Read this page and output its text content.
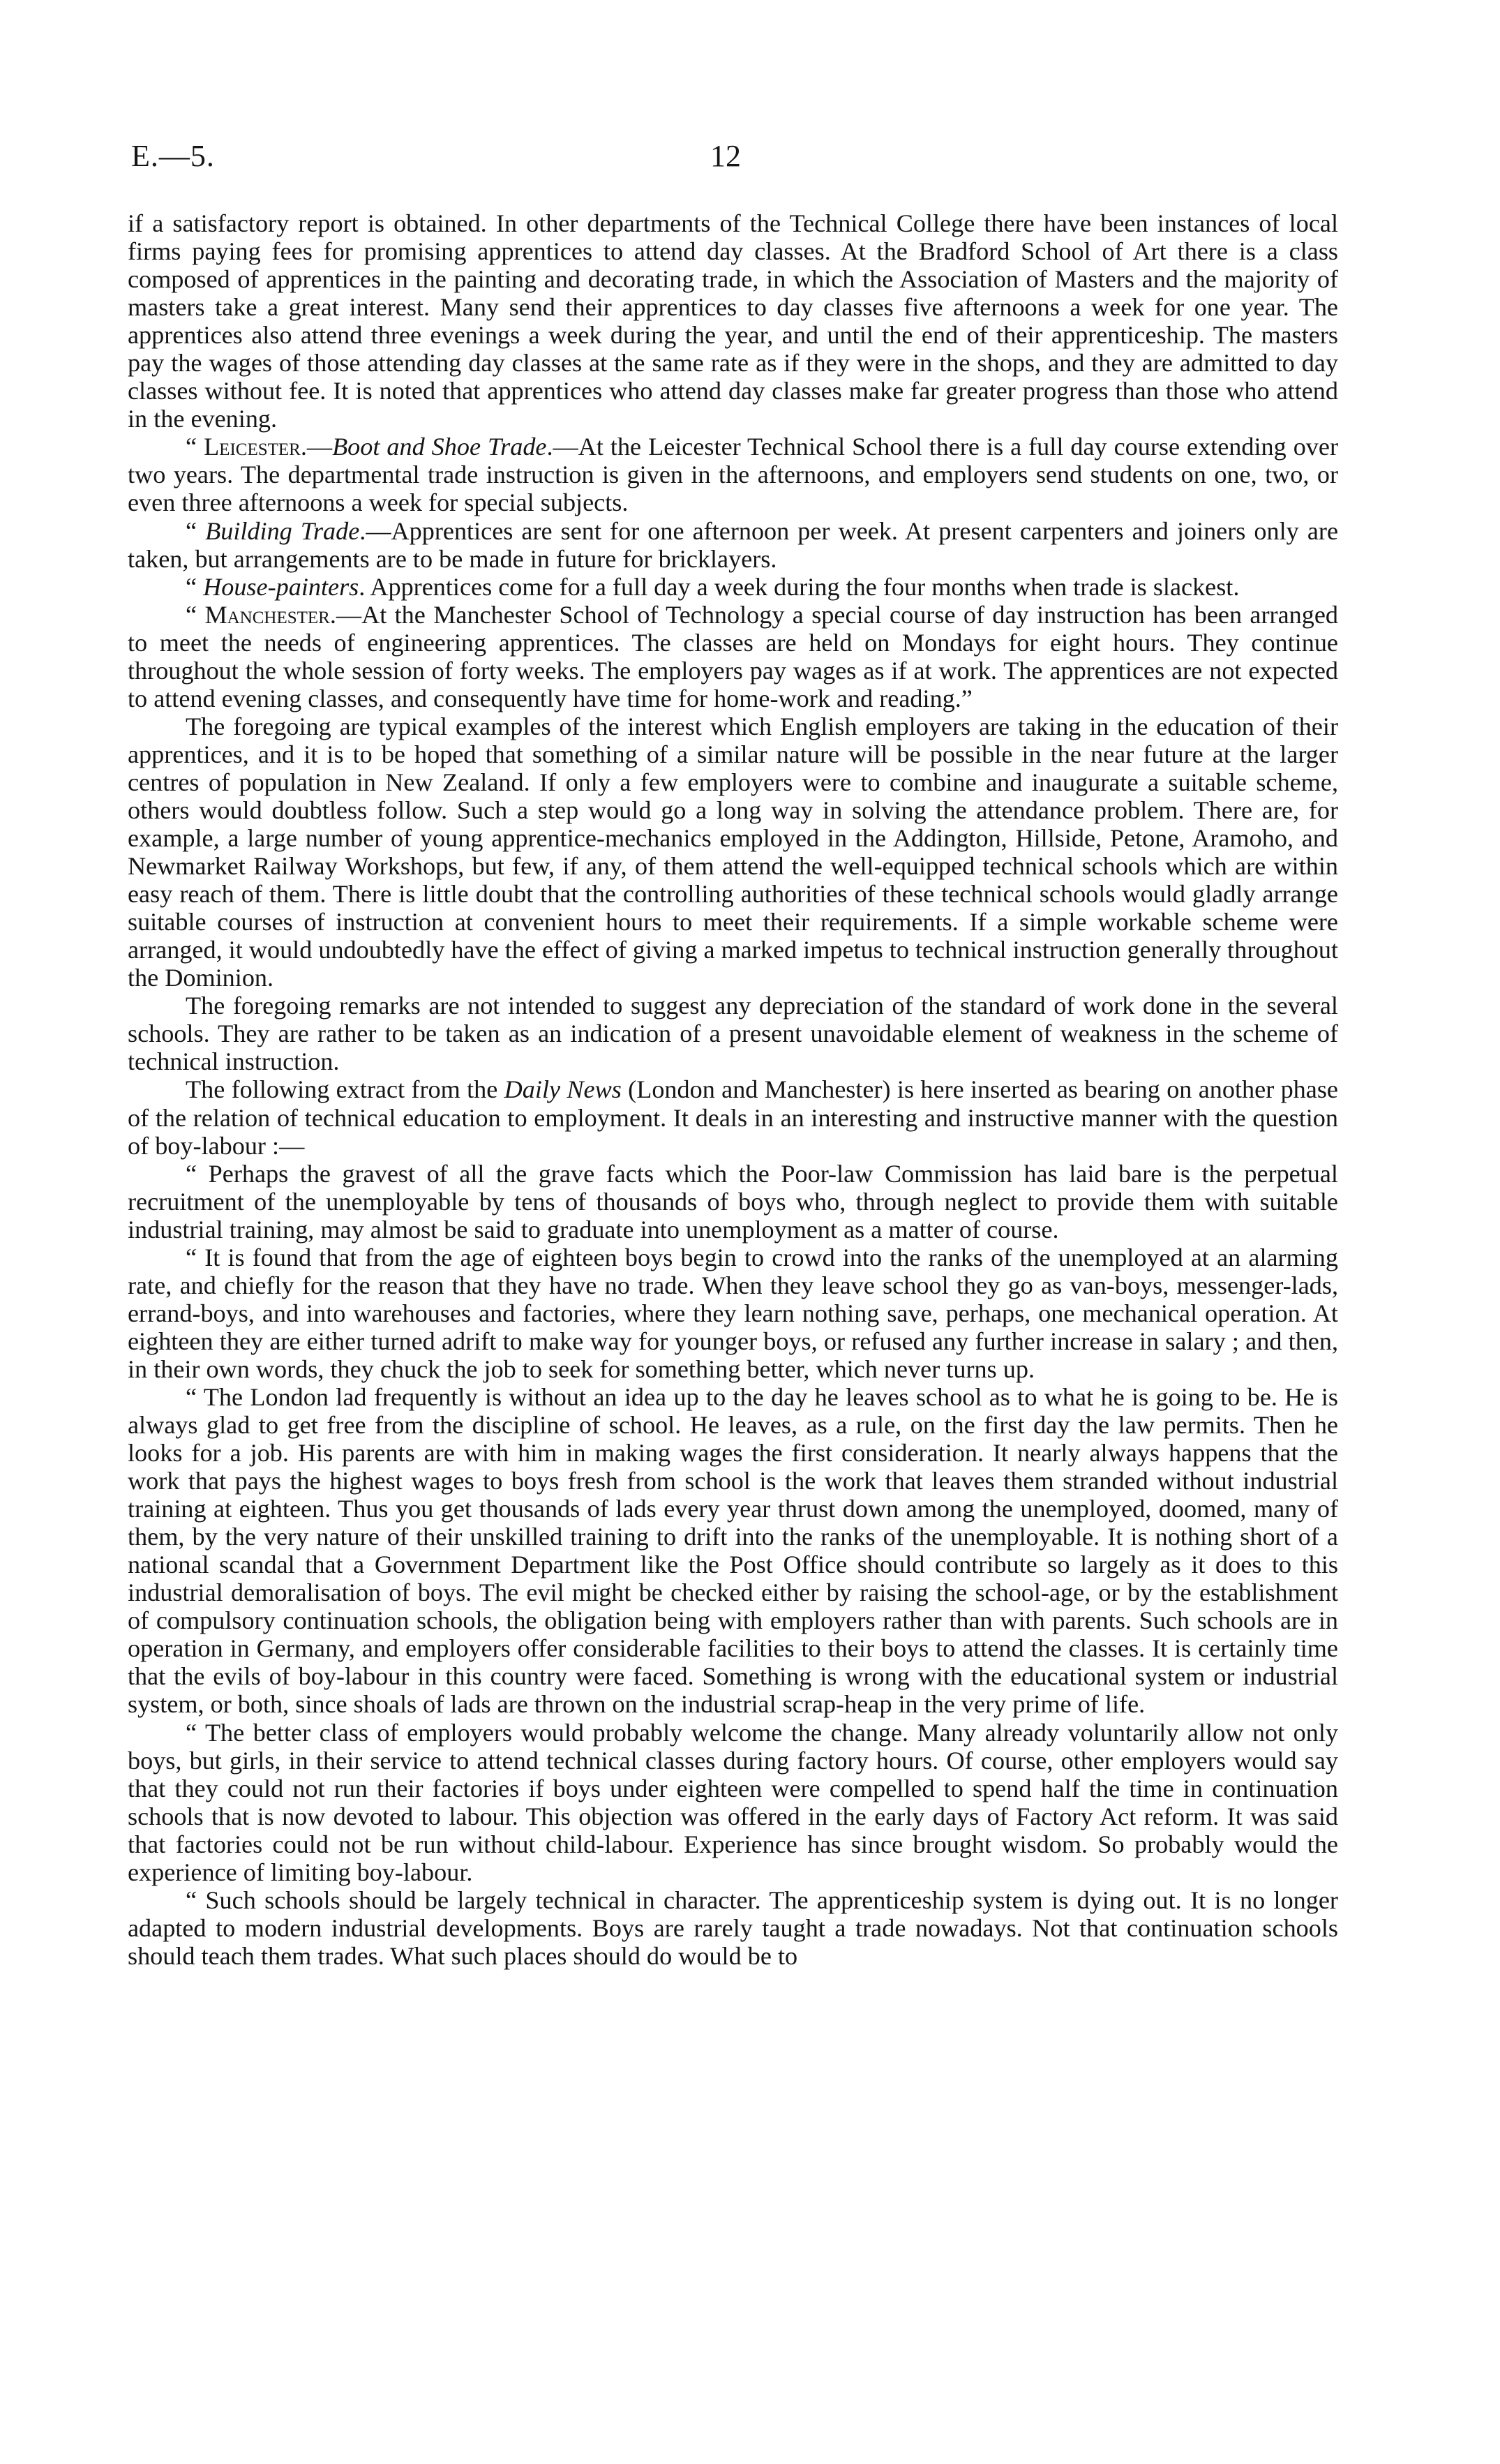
E.—5.	12

if a satisfactory report is obtained. In other departments of the Technical College there have been instances of local firms paying fees for promising apprentices to attend day classes. At the Bradford School of Art there is a class composed of apprentices in the painting and decorating trade, in which the Association of Masters and the majority of masters take a great interest. Many send their apprentices to day classes five afternoons a week for one year. The apprentices also attend three evenings a week during the year, and until the end of their apprenticeship. The masters pay the wages of those attending day classes at the same rate as if they were in the shops, and they are admitted to day classes without fee. It is noted that apprentices who attend day classes make far greater progress than those who attend in the evening.

“ Leicester.—Boot and Shoe Trade.—At the Leicester Technical School there is a full day course extending over two years. The departmental trade instruction is given in the afternoons, and employers send students on one, two, or even three afternoons a week for special subjects.

“ Building Trade.—Apprentices are sent for one afternoon per week. At present carpenters and joiners only are taken, but arrangements are to be made in future for bricklayers.

“ House-painters. Apprentices come for a full day a week during the four months when trade is slackest.

“ Manchester.—At the Manchester School of Technology a special course of day instruction has been arranged to meet the needs of engineering apprentices. The classes are held on Mondays for eight hours. They continue throughout the whole session of forty weeks. The employers pay wages as if at work. The apprentices are not expected to attend evening classes, and consequently have time for home-work and reading.”

The foregoing are typical examples of the interest which English employers are taking in the education of their apprentices, and it is to be hoped that something of a similar nature will be possible in the near future at the larger centres of population in New Zealand. If only a few employers were to combine and inaugurate a suitable scheme, others would doubtless follow. Such a step would go a long way in solving the attendance problem. There are, for example, a large number of young apprentice-mechanics employed in the Addington, Hillside, Petone, Aramoho, and Newmarket Railway Workshops, but few, if any, of them attend the well-equipped technical schools which are within easy reach of them. There is little doubt that the controlling authorities of these technical schools would gladly arrange suitable courses of instruction at convenient hours to meet their requirements. If a simple workable scheme were arranged, it would undoubtedly have the effect of giving a marked impetus to technical instruction generally throughout the Dominion.

The foregoing remarks are not intended to suggest any depreciation of the standard of work done in the several schools. They are rather to be taken as an indication of a present unavoidable element of weakness in the scheme of technical instruction.

The following extract from the Daily News (London and Manchester) is here inserted as bearing on another phase of the relation of technical education to employment. It deals in an interesting and instructive manner with the question of boy-labour :—

“ Perhaps the gravest of all the grave facts which the Poor-law Commission has laid bare is the perpetual recruitment of the unemployable by tens of thousands of boys who, through neglect to provide them with suitable industrial training, may almost be said to graduate into unemployment as a matter of course.

“ It is found that from the age of eighteen boys begin to crowd into the ranks of the unemployed at an alarming rate, and chiefly for the reason that they have no trade. When they leave school they go as van-boys, messenger-lads, errand-boys, and into warehouses and factories, where they learn nothing save, perhaps, one mechanical operation. At eighteen they are either turned adrift to make way for younger boys, or refused any further increase in salary ; and then, in their own words, they chuck the job to seek for something better, which never turns up.

“ The London lad frequently is without an idea up to the day he leaves school as to what he is going to be. He is always glad to get free from the discipline of school. He leaves, as a rule, on the first day the law permits. Then he looks for a job. His parents are with him in making wages the first consideration. It nearly always happens that the work that pays the highest wages to boys fresh from school is the work that leaves them stranded without industrial training at eighteen. Thus you get thousands of lads every year thrust down among the unemployed, doomed, many of them, by the very nature of their unskilled training to drift into the ranks of the unemployable. It is nothing short of a national scandal that a Government Department like the Post Office should contribute so largely as it does to this industrial demoralisation of boys. The evil might be checked either by raising the school-age, or by the establishment of compulsory continuation schools, the obligation being with employers rather than with parents. Such schools are in operation in Germany, and employers offer considerable facilities to their boys to attend the classes. It is certainly time that the evils of boy-labour in this country were faced. Something is wrong with the educational system or industrial system, or both, since shoals of lads are thrown on the industrial scrap-heap in the very prime of life.

“ The better class of employers would probably welcome the change. Many already voluntarily allow not only boys, but girls, in their service to attend technical classes during factory hours. Of course, other employers would say that they could not run their factories if boys under eighteen were compelled to spend half the time in continuation schools that is now devoted to labour. This objection was offered in the early days of Factory Act reform. It was said that factories could not be run without child-labour. Experience has since brought wisdom. So probably would the experience of limiting boy-labour.

“ Such schools should be largely technical in character. The apprenticeship system is dying out. It is no longer adapted to modern industrial developments. Boys are rarely taught a trade nowadays. Not that continuation schools should teach them trades. What such places should do would be to
